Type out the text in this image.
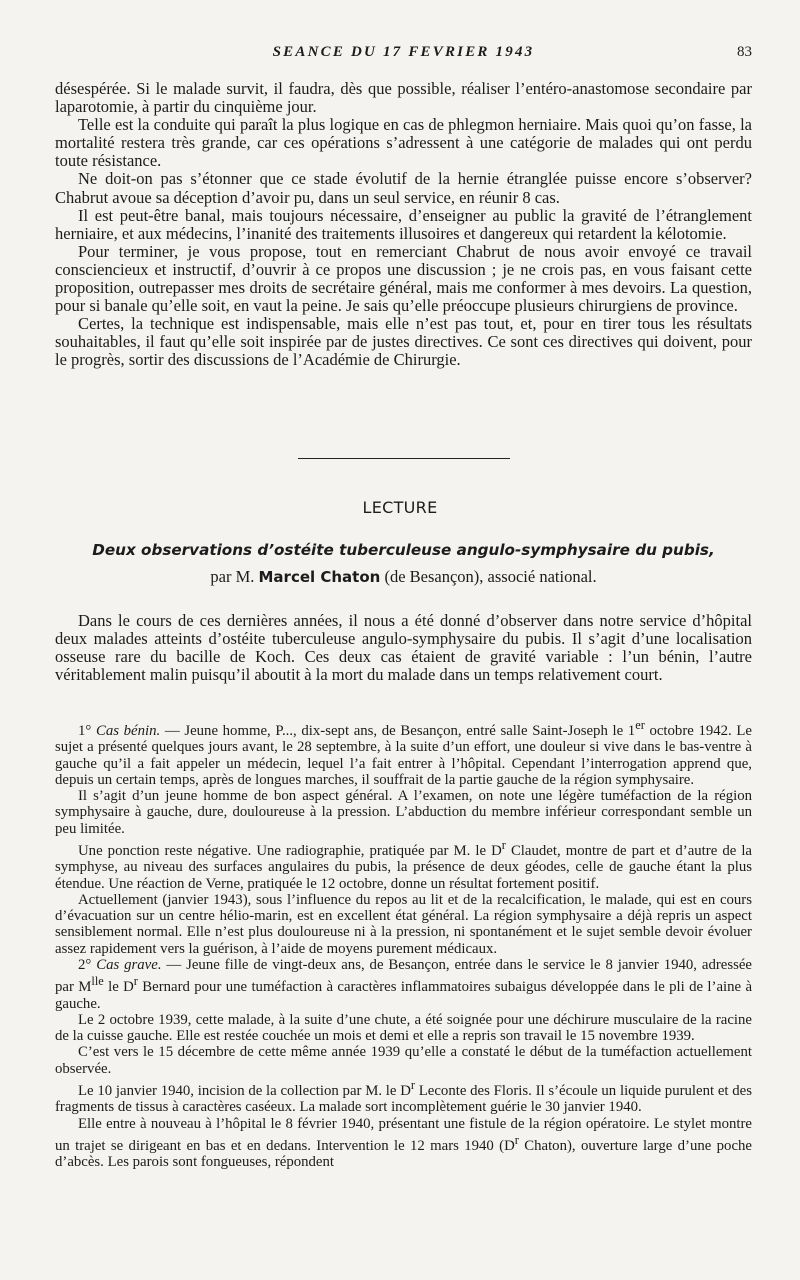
SEANCE DU 17 FEVRIER 1943	83

désespérée. Si le malade survit, il faudra, dès que possible, réaliser l’entéro-anastomose secondaire par laparotomie, à partir du cinquième jour.

Telle est la conduite qui paraît la plus logique en cas de phlegmon herniaire. Mais quoi qu’on fasse, la mortalité restera très grande, car ces opérations s’adressent à une catégorie de malades qui ont perdu toute résistance.

Ne doit-on pas s’étonner que ce stade évolutif de la hernie étranglée puisse encore s’observer? Chabrut avoue sa déception d’avoir pu, dans un seul service, en réunir 8 cas.

Il est peut-être banal, mais toujours nécessaire, d’enseigner au public la gravité de l’étranglement herniaire, et aux médecins, l’inanité des traitements illusoires et dangereux qui retardent la kélotomie.

Pour terminer, je vous propose, tout en remerciant Chabrut de nous avoir envoyé ce travail consciencieux et instructif, d’ouvrir à ce propos une discussion ; je ne crois pas, en vous faisant cette proposition, outrepasser mes droits de secrétaire général, mais me conformer à mes devoirs. La question, pour si banale qu’elle soit, en vaut la peine. Je sais qu’elle préoccupe plusieurs chirurgiens de province.

Certes, la technique est indispensable, mais elle n’est pas tout, et, pour en tirer tous les résultats souhaitables, il faut qu’elle soit inspirée par de justes directives. Ce sont ces directives qui doivent, pour le progrès, sortir des discussions de l’Académie de Chirurgie.

LECTURE
Deux observations d’ostéite tuberculeuse angulo-symphysaire du pubis,
par M. Marcel Chaton (de Besançon), associé national.

Dans le cours de ces dernières années, il nous a été donné d’observer dans notre service d’hôpital deux malades atteints d’ostéite tuberculeuse angulo-symphysaire du pubis. Il s’agit d’une localisation osseuse rare du bacille de Koch. Ces deux cas étaient de gravité variable : l’un bénin, l’autre véritablement malin puisqu’il aboutit à la mort du malade dans un temps relativement court.

1° Cas bénin. — Jeune homme, P..., dix-sept ans, de Besançon, entré salle Saint-Joseph le 1er octobre 1942. Le sujet a présenté quelques jours avant, le 28 septembre, à la suite d’un effort, une douleur si vive dans le bas-ventre à gauche qu’il a fait appeler un médecin, lequel l’a fait entrer à l’hôpital. Cependant l’interrogation apprend que, depuis un certain temps, après de longues marches, il souffrait de la partie gauche de la région symphysaire.

Il s’agit d’un jeune homme de bon aspect général. A l’examen, on note une légère tuméfaction de la région symphysaire à gauche, dure, douloureuse à la pression. L’abduction du membre inférieur correspondant semble un peu limitée.

Une ponction reste négative. Une radiographie, pratiquée par M. le $D^r$ Claudet, montre de part et d’autre de la symphyse, au niveau des surfaces angulaires du pubis, la présence de deux géodes, celle de gauche étant la plus étendue. Une réaction de Verne, pratiquée le 12 octobre, donne un résultat fortement positif.

Actuellement (janvier 1943), sous l’influence du repos au lit et de la recalcification, le malade, qui est en cours d’évacuation sur un centre hélio-marin, est en excellent état général. La région symphysaire a déjà repris un aspect sensiblement normal. Elle n’est plus douloureuse ni à la pression, ni spontanément et le sujet semble devoir évoluer assez rapidement vers la guérison, à l’aide de moyens purement médicaux.

2° Cas grave. — Jeune fille de vingt-deux ans, de Besançon, entrée dans le service le 8 janvier 1940, adressée par $M^{lle}$ le $D^r$ Bernard pour une tuméfaction à caractères inflammatoires subaigus développée dans le pli de l’aine à gauche.

Le 2 octobre 1939, cette malade, à la suite d’une chute, a été soignée pour une déchirure musculaire de la racine de la cuisse gauche. Elle est restée couchée un mois et demi et elle a repris son travail le 15 novembre 1939.

C’est vers le 15 décembre de cette même année 1939 qu’elle a constaté le début de la tuméfaction actuellement observée.

Le 10 janvier 1940, incision de la collection par M. le $D^r$ Leconte des Floris. Il s’écoule un liquide purulent et des fragments de tissus à caractères caséeux. La malade sort incomplètement guérie le 30 janvier 1940.

Elle entre à nouveau à l’hôpital le 8 février 1940, présentant une fistule de la région opératoire. Le stylet montre un trajet se dirigeant en bas et en dedans. Intervention le 12 mars 1940 ($D^r$ Chaton), ouverture large d’une poche d’abcès. Les parois sont fongueuses, répondent
